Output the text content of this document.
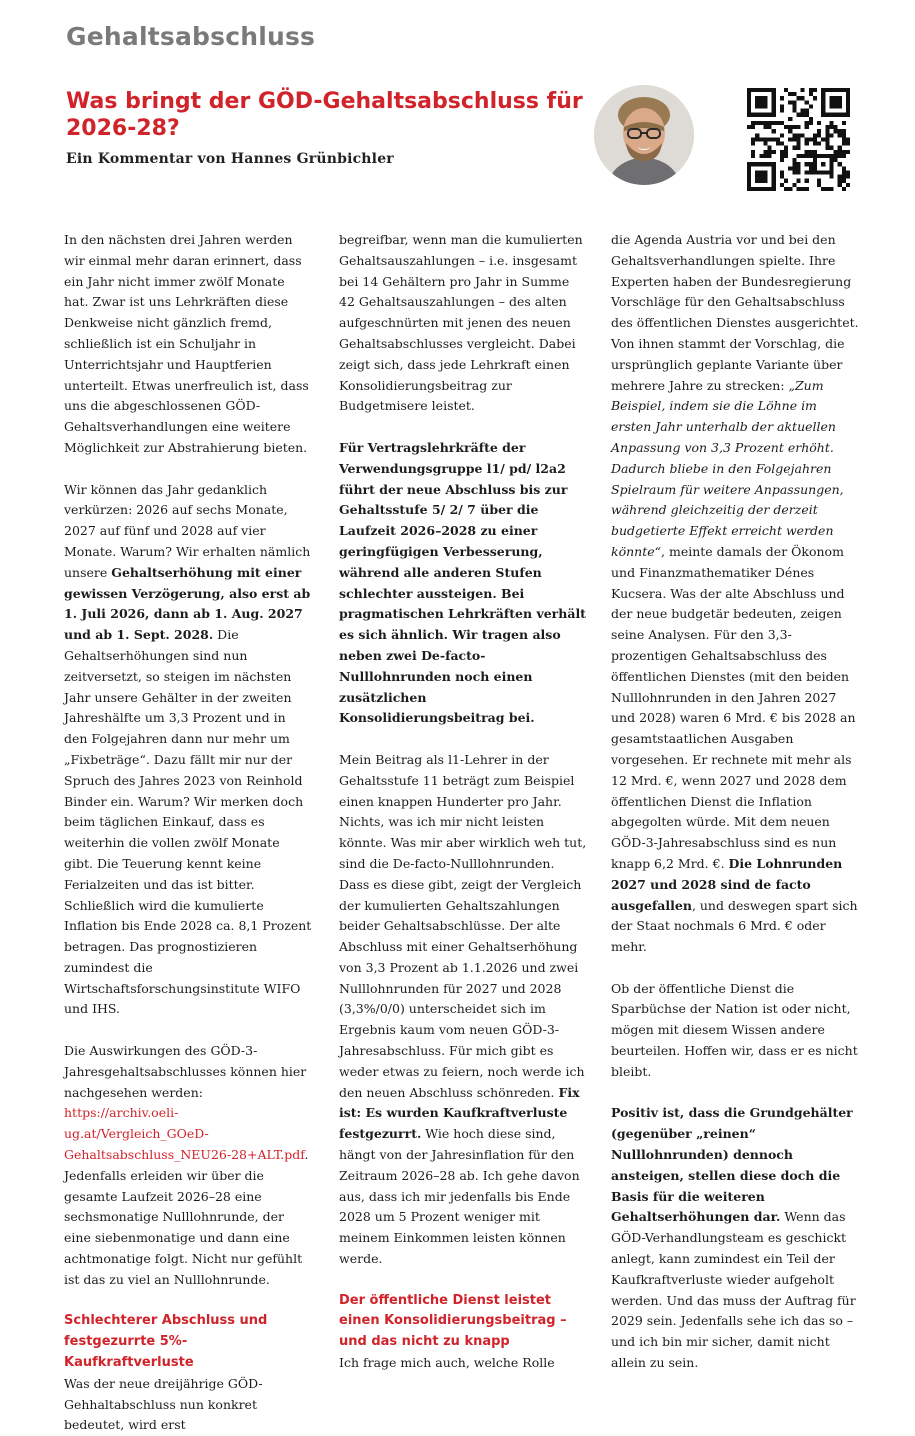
Gehaltsabschluss
Was bringt der GÖD-Gehaltsabschluss für 2026-28?
Ein Kommentar von Hannes Grünbichler

In den nächsten drei Jahren werden wir einmal mehr daran erinnert, dass ein Jahr nicht immer zwölf Monate hat. Zwar ist uns Lehrkräften diese Denkweise nicht gänzlich fremd, schließlich ist ein Schuljahr in Unterrichtsjahr und Hauptferien unterteilt. Etwas unerfreulich ist, dass uns die abgeschlossenen GÖD-Gehaltsverhandlungen eine weitere Möglichkeit zur Abstrahierung bieten.

Wir können das Jahr gedanklich verkürzen: 2026 auf sechs Monate, 2027 auf fünf und 2028 auf vier Monate. Warum? Wir erhalten nämlich unsere Gehaltserhöhung mit einer gewissen Verzögerung, also erst ab 1. Juli 2026, dann ab 1. Aug. 2027 und ab 1. Sept. 2028. Die Gehaltserhöhungen sind nun zeitversetzt, so steigen im nächsten Jahr unsere Gehälter in der zweiten Jahreshälfte um 3,3 Prozent und in den Folgejahren dann nur mehr um „Fixbeträge“. Dazu fällt mir nur der Spruch des Jahres 2023 von Reinhold Binder ein. Warum? Wir merken doch beim täglichen Einkauf, dass es weiterhin die vollen zwölf Monate gibt. Die Teuerung kennt keine Ferialzeiten und das ist bitter. Schließlich wird die kumulierte Inflation bis Ende 2028 ca. 8,1 Prozent betragen. Das prognostizieren zumindest die Wirtschaftsforschungsinstitute WIFO und IHS.

Die Auswirkungen des GÖD-3-Jahresgehaltsabschlusses können hier nachgesehen werden: https://archiv.oeli-ug.at/Vergleich_GOeD-Gehaltsabschluss_NEU26-28+ALT.pdf. Jedenfalls erleiden wir über die gesamte Laufzeit 2026–28 eine sechsmonatige Nulllohnrunde, der eine siebenmonatige und dann eine achtmonatige folgt. Nicht nur gefühlt ist das zu viel an Nulllohnrunde.

Schlechterer Abschluss und festgezurrte 5%-Kaufkraftverluste

Was der neue dreijährige GÖD-Gehhaltabschluss nun konkret bedeutet, wird erst

begreifbar, wenn man die kumulierten Gehaltsauszahlungen – i.e. insgesamt bei 14 Gehältern pro Jahr in Summe 42 Gehaltsauszahlungen – des alten aufgeschnürten mit jenen des neuen Gehaltsabschlusses vergleicht. Dabei zeigt sich, dass jede Lehrkraft einen Konsolidierungsbeitrag zur Budgetmisere leistet.

Für Vertragslehrkräfte der Verwendungsgruppe l1/ pd/ l2a2 führt der neue Abschluss bis zur Gehaltsstufe 5/ 2/ 7 über die Laufzeit 2026–2028 zu einer geringfügigen Verbesserung, während alle anderen Stufen schlechter aussteigen. Bei pragmatischen Lehrkräften verhält es sich ähnlich. Wir tragen also neben zwei De-facto-Nulllohnrunden noch einen zusätzlichen Konsolidierungsbeitrag bei.

Mein Beitrag als l1-Lehrer in der Gehaltsstufe 11 beträgt zum Beispiel einen knappen Hunderter pro Jahr. Nichts, was ich mir nicht leisten könnte. Was mir aber wirklich weh tut, sind die De-facto-Nulllohnrunden. Dass es diese gibt, zeigt der Vergleich der kumulierten Gehaltszahlungen beider Gehaltsabschlüsse. Der alte Abschluss mit einer Gehaltserhöhung von 3,3 Prozent ab 1.1.2026 und zwei Nulllohnrunden für 2027 und 2028 (3,3%/0/0) unterscheidet sich im Ergebnis kaum vom neuen GÖD-3-Jahresabschluss. Für mich gibt es weder etwas zu feiern, noch werde ich den neuen Abschluss schönreden. Fix ist: Es wurden Kaufkraftverluste festgezurrt. Wie hoch diese sind, hängt von der Jahresinflation für den Zeitraum 2026–28 ab. Ich gehe davon aus, dass ich mir jedenfalls bis Ende 2028 um 5 Prozent weniger mit meinem Einkommen leisten können werde.

Der öffentliche Dienst leistet einen Konsolidierungsbeitrag – und das nicht zu knapp

Ich frage mich auch, welche Rolle

die Agenda Austria vor und bei den Gehaltsverhandlungen spielte. Ihre Experten haben der Bundesregierung Vorschläge für den Gehaltsabschluss des öffentlichen Dienstes ausgerichtet. Von ihnen stammt der Vorschlag, die ursprünglich geplante Variante über mehrere Jahre zu strecken: „Zum Beispiel, indem sie die Löhne im ersten Jahr unterhalb der aktuellen Anpassung von 3,3 Prozent erhöht. Dadurch bliebe in den Folgejahren Spielraum für weitere Anpassungen, während gleichzeitig der derzeit budgetierte Effekt erreicht werden könnte“, meinte damals der Ökonom und Finanzmathematiker Dénes Kucsera. Was der alte Abschluss und der neue budgetär bedeuten, zeigen seine Analysen. Für den 3,3-prozentigen Gehaltsabschluss des öffentlichen Dienstes (mit den beiden Nulllohnrunden in den Jahren 2027 und 2028) waren 6 Mrd. € bis 2028 an gesamtstaatlichen Ausgaben vorgesehen. Er rechnete mit mehr als 12 Mrd. €, wenn 2027 und 2028 dem öffentlichen Dienst die Inflation abgegolten würde. Mit dem neuen GÖD-3-Jahresabschluss sind es nun knapp 6,2 Mrd. €. Die Lohnrunden 2027 und 2028 sind de facto ausgefallen, und deswegen spart sich der Staat nochmals 6 Mrd. € oder mehr.

Ob der öffentliche Dienst die Sparbüchse der Nation ist oder nicht, mögen mit diesem Wissen andere beurteilen. Hoffen wir, dass er es nicht bleibt.

Positiv ist, dass die Grundgehälter (gegenüber „reinen“ Nulllohnrunden) dennoch ansteigen, stellen diese doch die Basis für die weiteren Gehaltserhöhungen dar. Wenn das GÖD-Verhandlungsteam es geschickt anlegt, kann zumindest ein Teil der Kaufkraftverluste wieder aufgeholt werden. Und das muss der Auftrag für 2029 sein. Jedenfalls sehe ich das so – und ich bin mir sicher, damit nicht allein zu sein.
